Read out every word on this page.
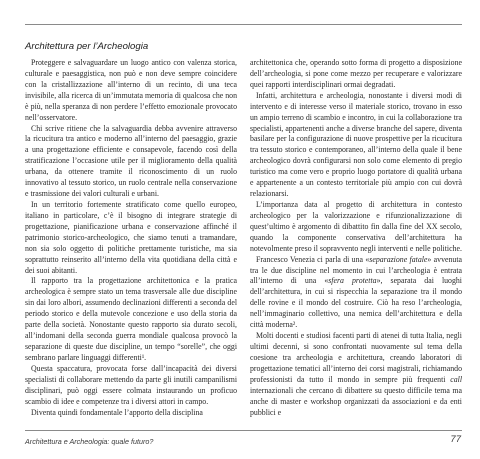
Architettura per l’Archeologia

Proteggere e salvaguardare un luogo antico con valenza storica, culturale e paesaggistica, non può e non deve sempre coincidere con la cristallizzazione all’interno di un recinto, di una teca invisibile, alla ricerca di un’immutata memoria di qualcosa che non è più, nella speranza di non perdere l’effetto emozionale provocato nell’osservatore.

Chi scrive ritiene che la salvaguardia debba avvenire attraverso la ricucitura tra antico e moderno all’interno del paesaggio, grazie a una progettazione efficiente e consapevole, facendo così della stratificazione l’occasione utile per il miglioramento della qualità urbana, da ottenere tramite il riconoscimento di un ruolo innovativo al tessuto storico, un ruolo centrale nella conservazione e trasmissione dei valori culturali e urbani.

In un territorio fortemente stratificato come quello europeo, italiano in particolare, c’è il bisogno di integrare strategie di progettazione, pianificazione urbana e conservazione affinché il patrimonio storico-archeologico, che siamo tenuti a tramandare, non sia solo oggetto di politiche prettamente turistiche, ma sia soprattutto reinserito all’interno della vita quotidiana della città e dei suoi abitanti.

Il rapporto tra la progettazione architettonica e la pratica archeologica è sempre stato un tema trasversale alle due discipline sin dai loro albori, assumendo declinazioni differenti a seconda del periodo storico e della mutevole concezione e uso della storia da parte della società. Nonostante questo rapporto sia durato secoli, all’indomani della seconda guerra mondiale qualcosa provocò la separazione di queste due discipline, un tempo “sorelle”, che oggi sembrano parlare linguaggi differenti¹.

Questa spaccatura, provocata forse dall’incapacità dei diversi specialisti di collaborare mettendo da parte gli inutili campanilismi disciplinari, può oggi essere colmata instaurando un proficuo scambio di idee e competenze tra i diversi attori in campo.

Diventa quindi fondamentale l’apporto della disciplina

architettonica che, operando sotto forma di progetto a disposizione dell’archeologia, si pone come mezzo per recuperare e valorizzare quei rapporti interdisciplinari ormai degradati.

Infatti, architettura e archeologia, nonostante i diversi modi di intervento e di interesse verso il materiale storico, trovano in esso un ampio terreno di scambio e incontro, in cui la collaborazione tra specialisti, appartenenti anche a diverse branche del sapere, diventa basilare per la configurazione di nuove prospettive per la ricucitura tra tessuto storico e contemporaneo, all’interno della quale il bene archeologico dovrà configurarsi non solo come elemento di pregio turistico ma come vero e proprio luogo portatore di qualità urbana e appartenente a un contesto territoriale più ampio con cui dovrà relazionarsi.

L’importanza data al progetto di architettura in contesto archeologico per la valorizzazione e rifunzionalizzazione di quest’ultimo è argomento di dibattito fin dalla fine del XX secolo, quando la componente conservativa dell’architettura ha notevolmente preso il sopravvento negli interventi e nelle politiche.

Francesco Venezia ci parla di una «separazione fatale» avvenuta tra le due discipline nel momento in cui l’archeologia è entrata all’interno di una «sfera protetta», separata dai luoghi dell’architettura, in cui si rispecchia la separazione tra il mondo delle rovine e il mondo del costruire. Ciò ha reso l’archeologia, nell’immaginario collettivo, una nemica dell’architettura e della città moderna².

Molti docenti e studiosi facenti parti di atenei di tutta Italia, negli ultimi decenni, si sono confrontati nuovamente sul tema della coesione tra archeologia e architettura, creando laboratori di progettazione tematici all’interno dei corsi magistrali, richiamando professionisti da tutto il mondo in sempre più frequenti call internazionali che cercano di dibattere su questo difficile tema ma anche di master e workshop organizzati da associazioni e da enti pubblici e

Architettura e Archeologia: quale futuro?	77
